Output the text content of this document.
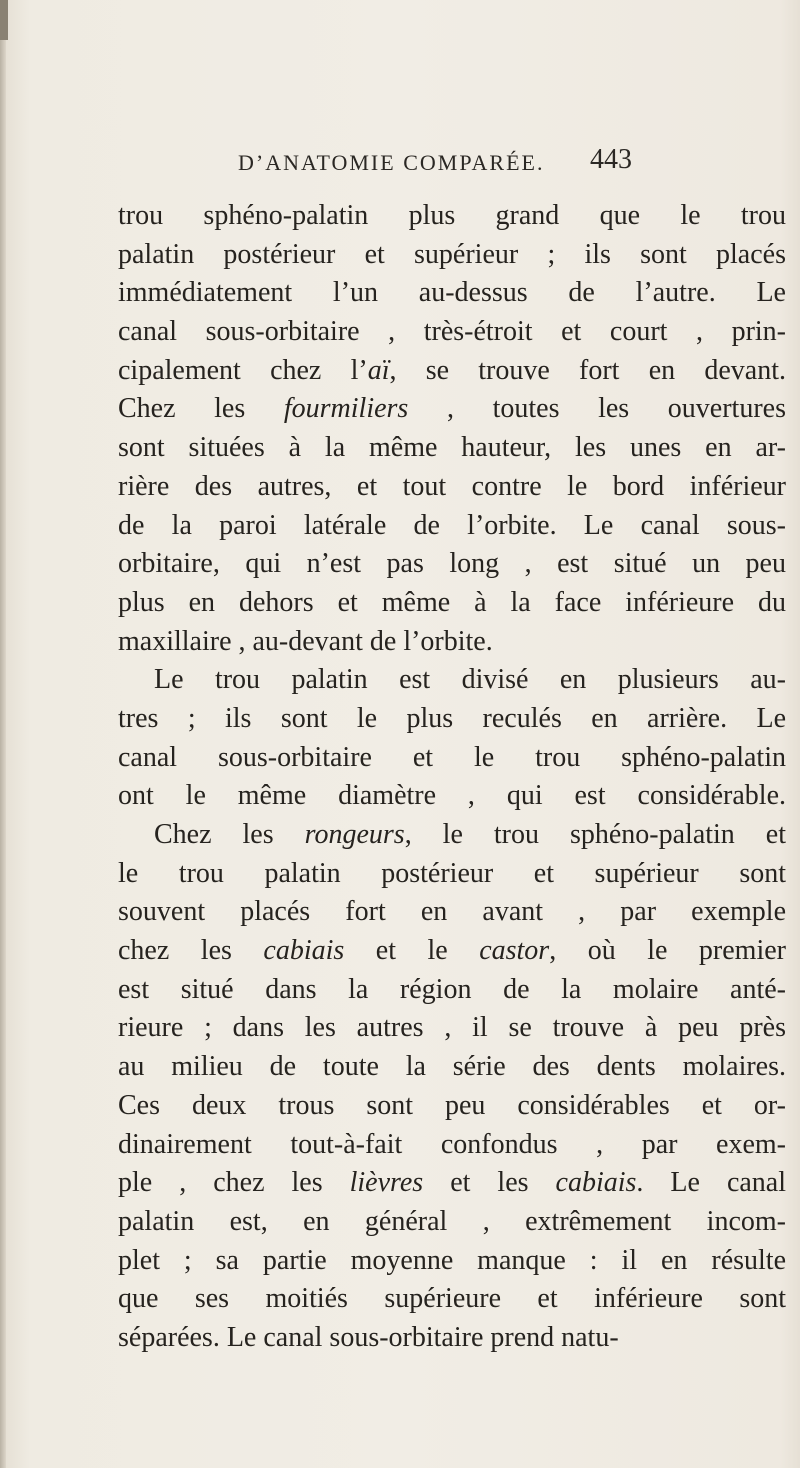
D’ANATOMIE COMPARÉE. 443
trou sphéno-palatin plus grand que le trou
palatin postérieur et supérieur ; ils sont placés
immédiatement l’un au-dessus de l’autre. Le
canal sous-orbitaire , très-étroit et court , prin-
cipalement chez l’aï, se trouve fort en devant.
Chez les fourmiliers , toutes les ouvertures
sont situées à la même hauteur, les unes en ar-
rière des autres, et tout contre le bord inférieur
de la paroi latérale de l’orbite. Le canal sous-
orbitaire, qui n’est pas long , est situé un peu
plus en dehors et même à la face inférieure du
maxillaire , au-devant de l’orbite.
Le trou palatin est divisé en plusieurs au-
tres ; ils sont le plus reculés en arrière. Le
canal sous-orbitaire et le trou sphéno-palatin
ont le même diamètre , qui est considérable.
Chez les rongeurs, le trou sphéno-palatin et
le trou palatin postérieur et supérieur sont
souvent placés fort en avant , par exemple
chez les cabiais et le castor, où le premier
est situé dans la région de la molaire anté-
rieure ; dans les autres , il se trouve à peu près
au milieu de toute la série des dents molaires.
Ces deux trous sont peu considérables et or-
dinairement tout-à-fait confondus , par exem-
ple , chez les lièvres et les cabiais. Le canal
palatin est, en général , extrêmement incom-
plet ; sa partie moyenne manque : il en résulte
que ses moitiés supérieure et inférieure sont
séparées. Le canal sous-orbitaire prend natu-
